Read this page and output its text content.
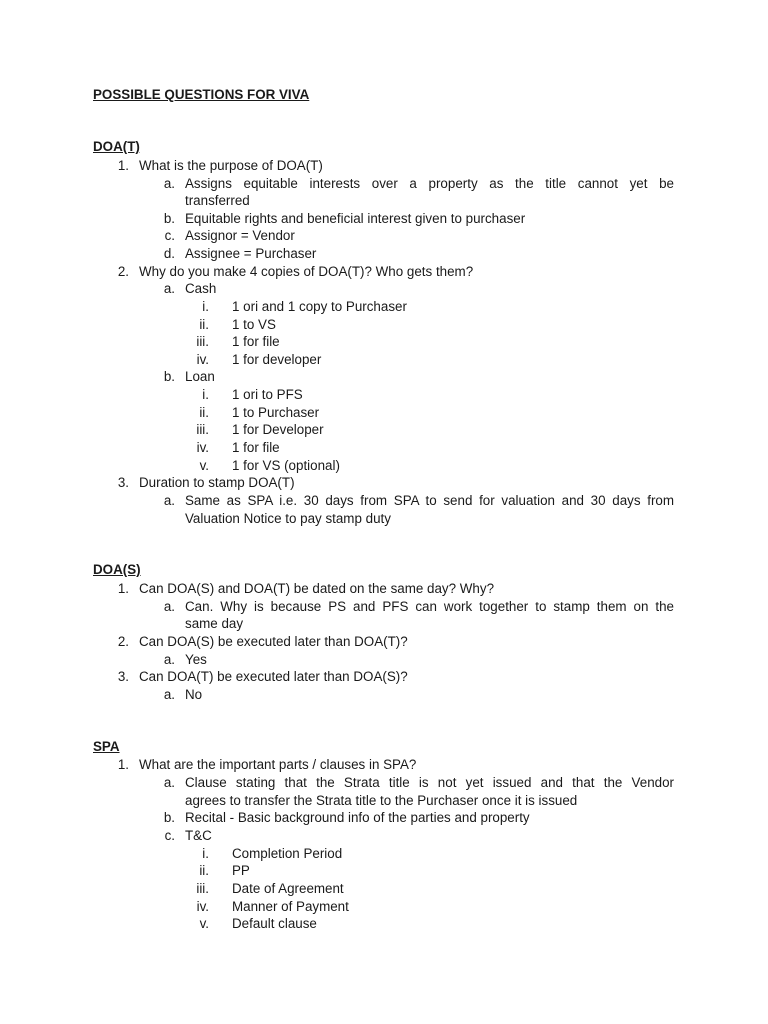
POSSIBLE QUESTIONS FOR VIVA
DOA(T)
1. What is the purpose of DOA(T)
a. Assigns equitable interests over a property as the title cannot yet be
transferred
b. Equitable rights and beneficial interest given to purchaser
c. Assignor = Vendor
d. Assignee = Purchaser
2. Why do you make 4 copies of DOA(T)? Who gets them?
a. Cash
i. 1 ori and 1 copy to Purchaser
ii. 1 to VS
iii. 1 for file
iv. 1 for developer
b. Loan
i. 1 ori to PFS
ii. 1 to Purchaser
iii. 1 for Developer
iv. 1 for file
v. 1 for VS (optional)
3. Duration to stamp DOA(T)
a. Same as SPA i.e. 30 days from SPA to send for valuation and 30 days from
Valuation Notice to pay stamp duty
DOA(S)
1. Can DOA(S) and DOA(T) be dated on the same day? Why?
a. Can. Why is because PS and PFS can work together to stamp them on the
same day
2. Can DOA(S) be executed later than DOA(T)?
a. Yes
3. Can DOA(T) be executed later than DOA(S)?
a. No
SPA
1. What are the important parts / clauses in SPA?
a. Clause stating that the Strata title is not yet issued and that the Vendor
agrees to transfer the Strata title to the Purchaser once it is issued
b. Recital - Basic background info of the parties and property
c. T&C
i. Completion Period
ii. PP
iii. Date of Agreement
iv. Manner of Payment
v. Default clause
